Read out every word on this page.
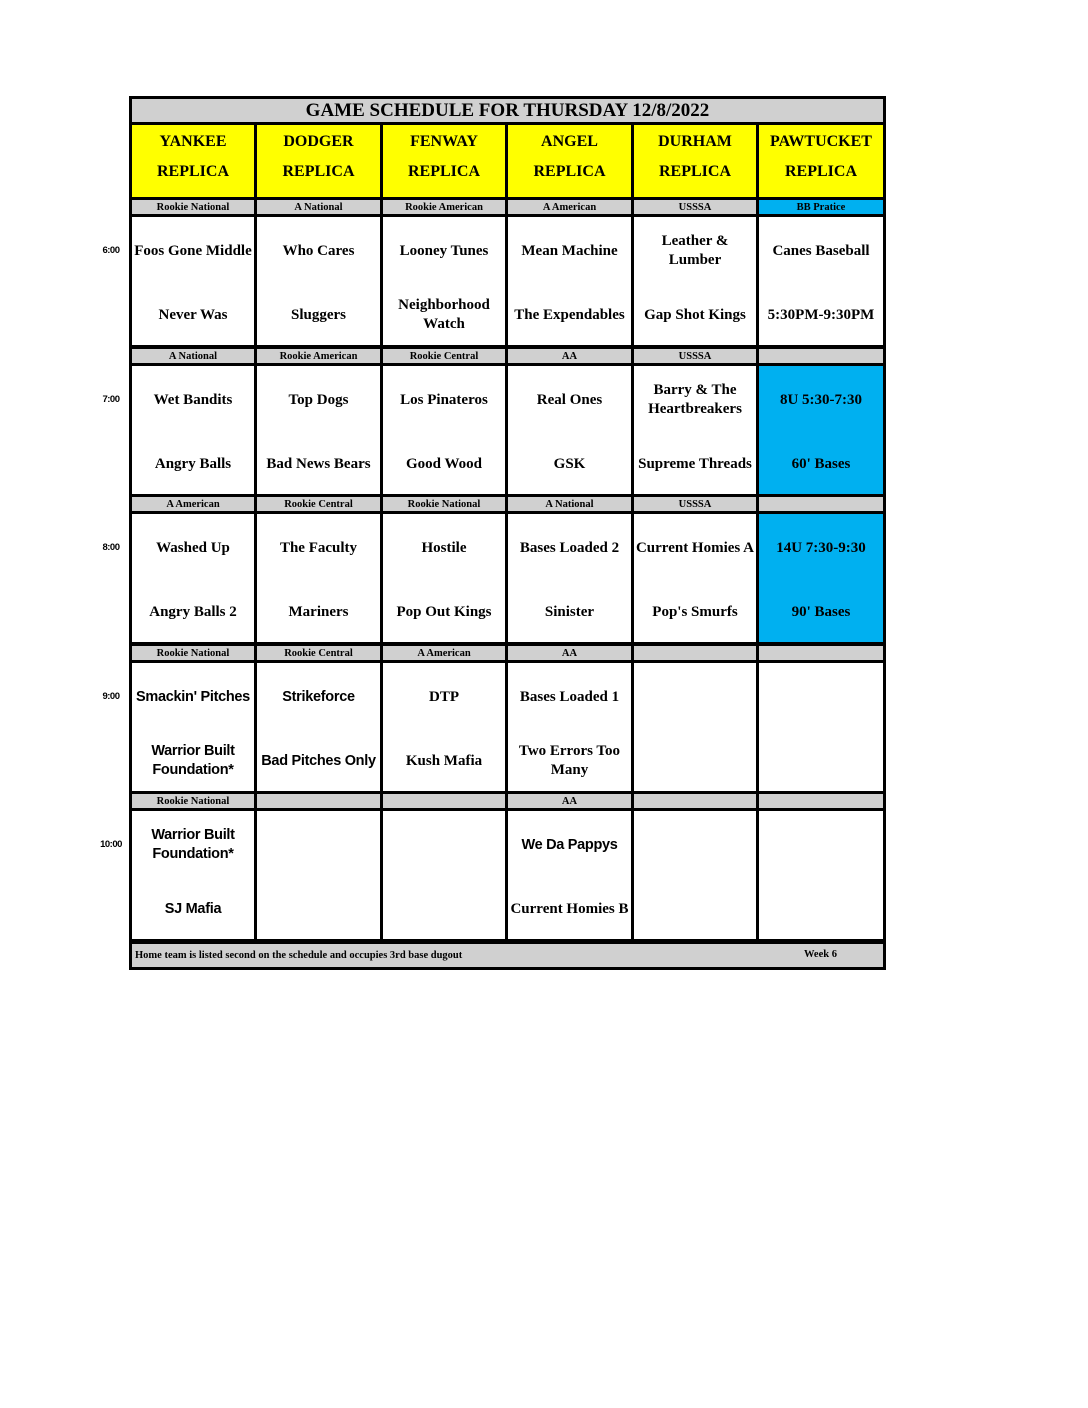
GAME SCHEDULE FOR THURSDAY 12/8/2022
YANKEE
REPLICA
DODGER
REPLICA
FENWAY
REPLICA
ANGEL
REPLICA
DURHAM
REPLICA
PAWTUCKET
REPLICA
Rookie National
Foos Gone Middle
Never Was
A National
Who Cares
Sluggers
Rookie American
Looney Tunes
Neighborhood Watch
A American
Mean Machine
The Expendables
USSSA
Leather & Lumber
Gap Shot Kings
BB Pratice
Canes Baseball
5:30PM-9:30PM
A National
Wet Bandits
Angry Balls
Rookie American
Top Dogs
Bad News Bears
Rookie Central
Los Pinateros
Good Wood
AA
Real Ones
GSK
USSSA
Barry & The Heartbreakers
Supreme Threads
8U 5:30-7:30
60' Bases
A American
Washed Up
Angry Balls 2
Rookie Central
The Faculty
Mariners
Rookie National
Hostile
Pop Out Kings
A National
Bases Loaded 2
Sinister
USSSA
Current Homies A
Pop's Smurfs
14U 7:30-9:30
90' Bases
Rookie National
Smackin' Pitches
Warrior Built Foundation*
Rookie Central
Strikeforce
Bad Pitches Only
A American
DTP
Kush Mafia
AA
Bases Loaded 1
Two Errors Too Many
Rookie National
Warrior Built Foundation*
SJ Mafia
AA
We Da Pappys
Current Homies B
Home team is listed second on the schedule and occupies 3rd base dugout
6:00
7:00
8:00
9:00
10:00
Week 6
